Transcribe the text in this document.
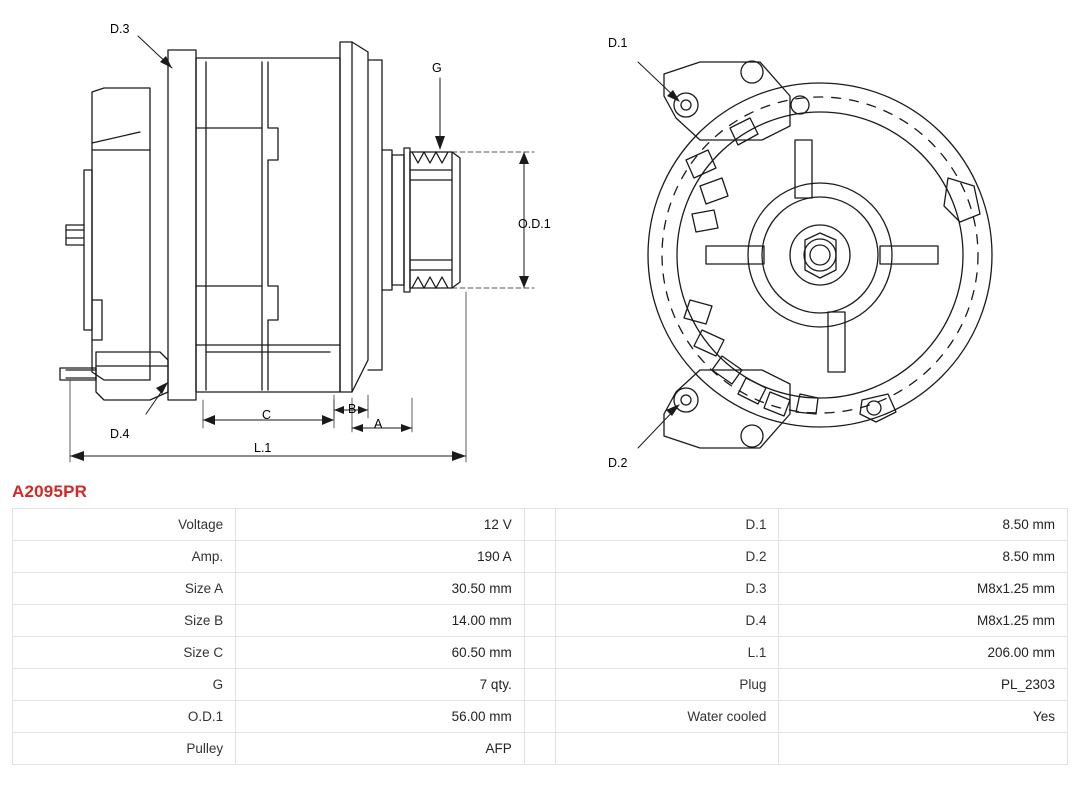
D.3
D.4
G
O.D.1
C	B
A
L.1
D.1
D.2
A2095PR
Voltage	12 V		D.1	8.50 mm
Amp.	190 A		D.2	8.50 mm
Size A	30.50 mm		D.3	M8x1.25 mm
Size B	14.00 mm		D.4	M8x1.25 mm
Size C	60.50 mm		L.1	206.00 mm
G	7 qty.		Plug	PL_2303
O.D.1	56.00 mm		Water cooled	Yes
Pulley	AFP			
